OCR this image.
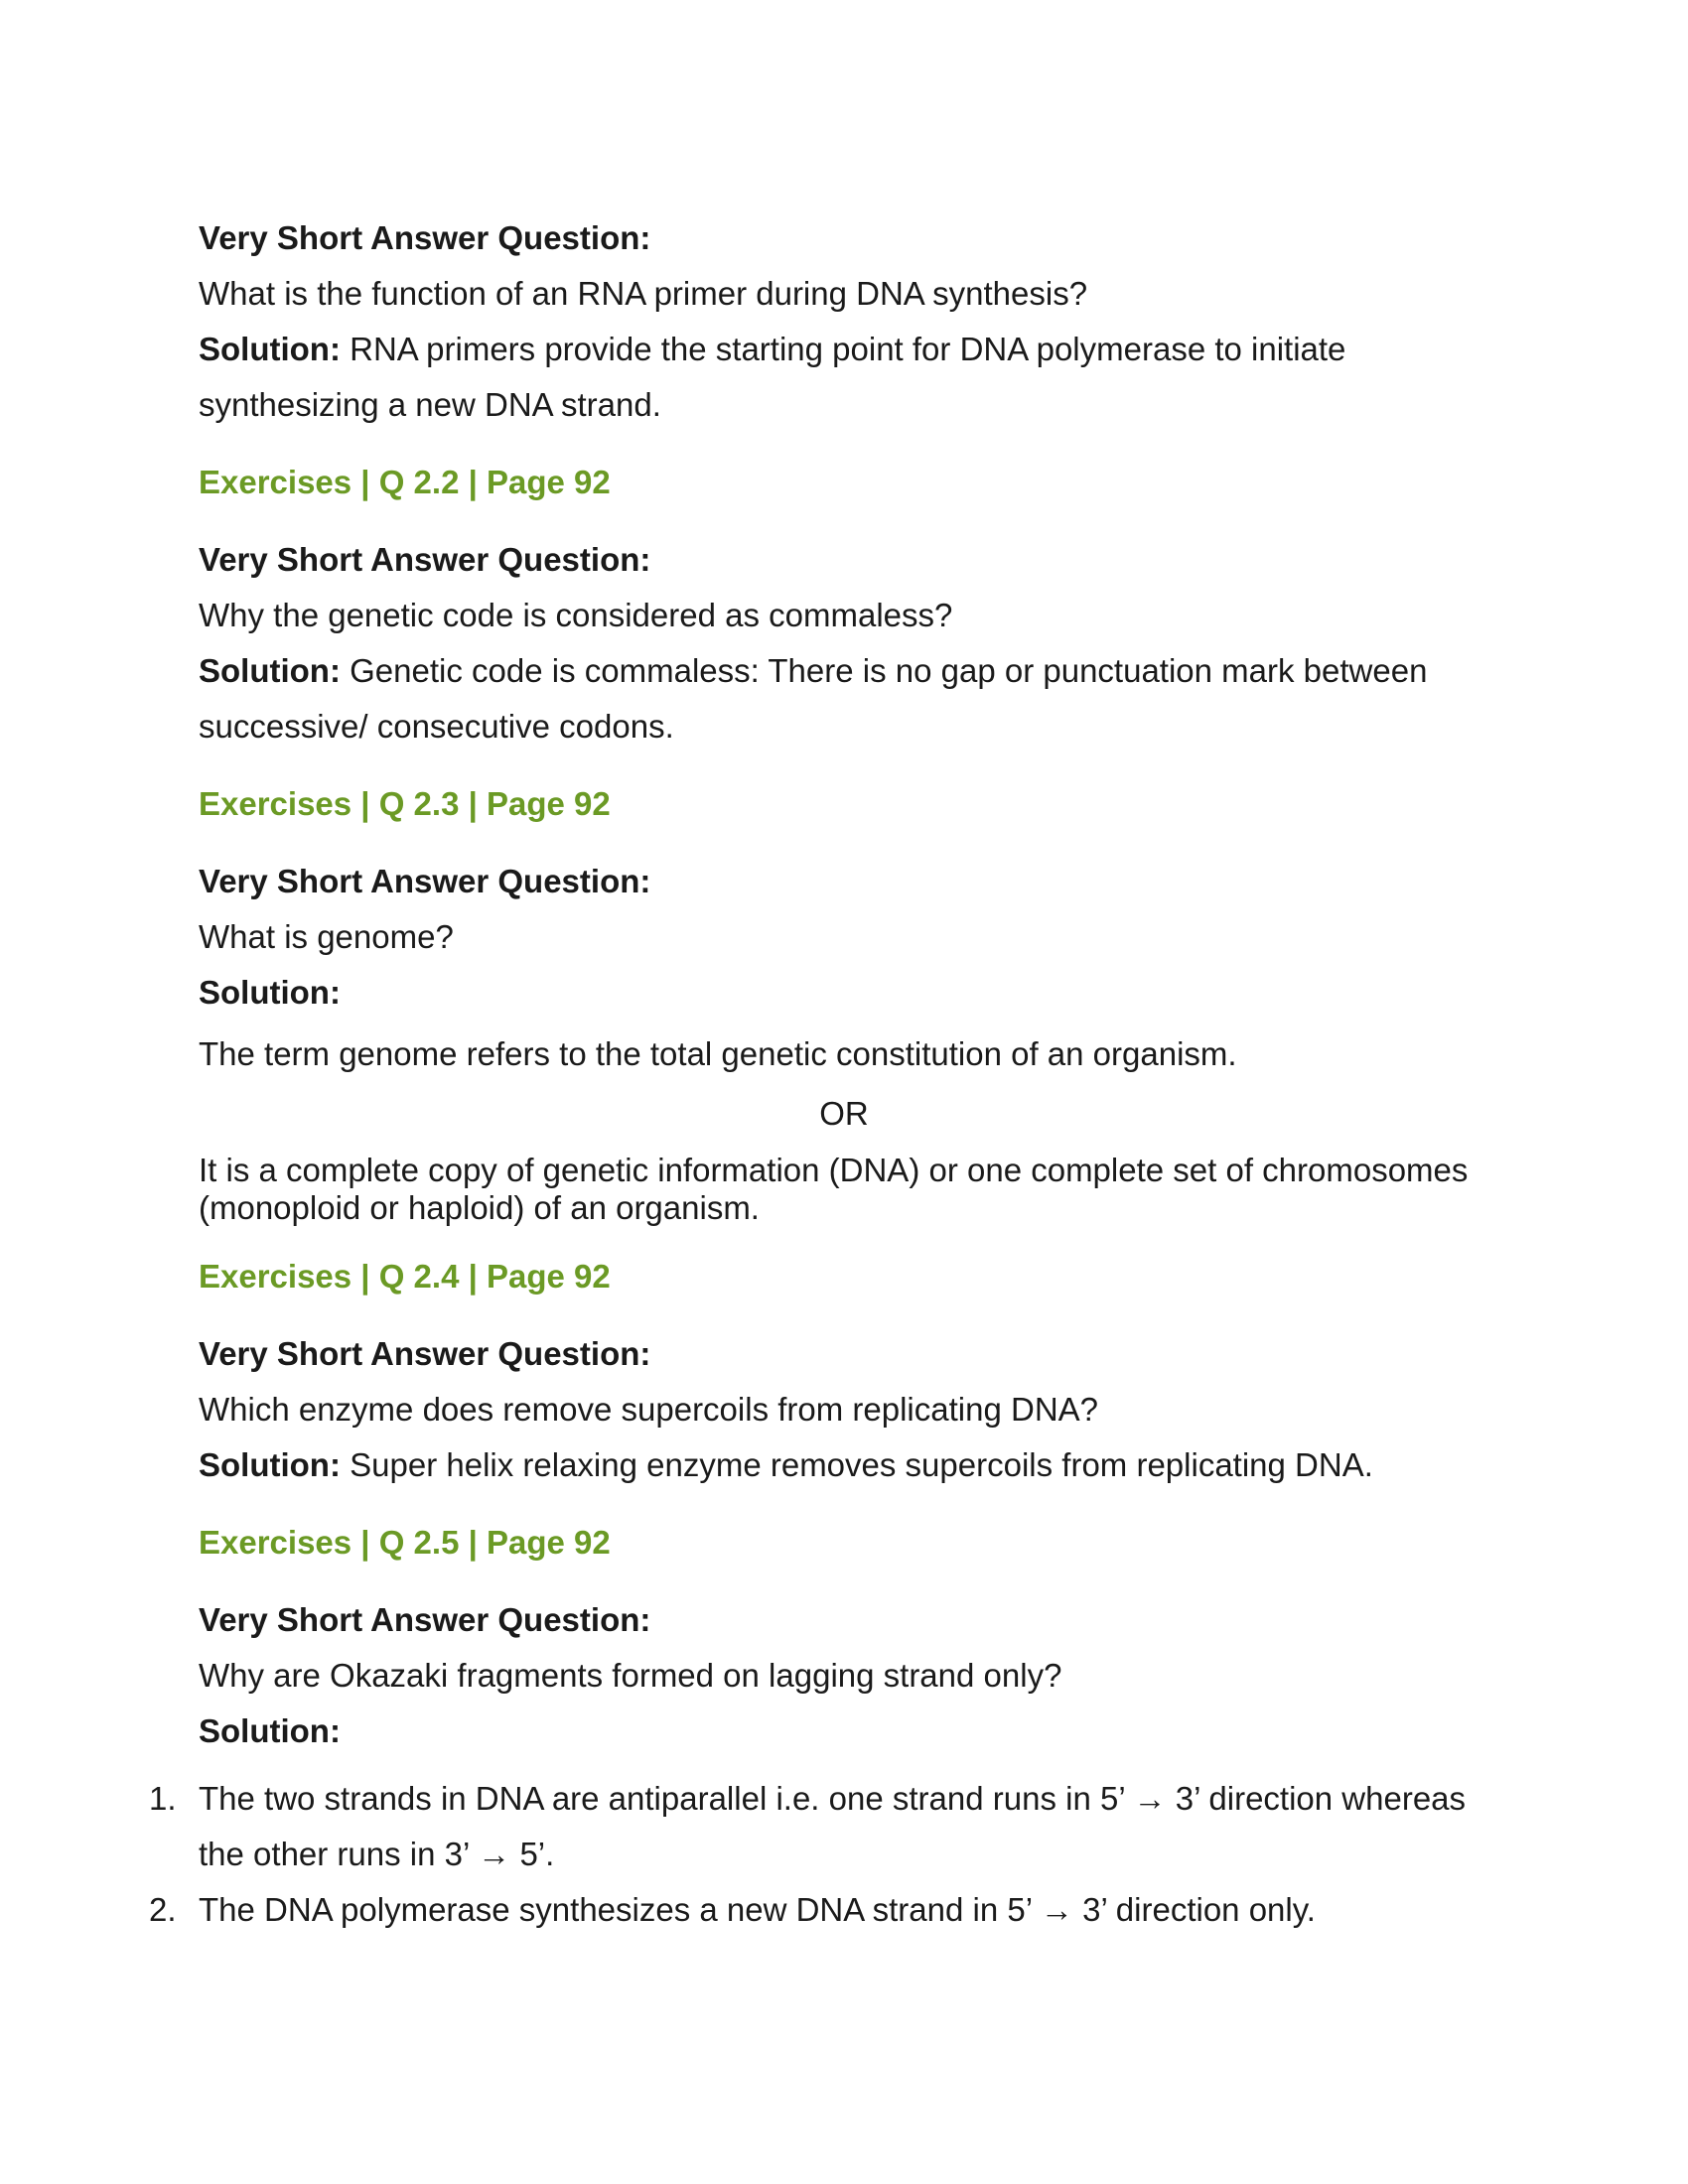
Very Short Answer Question:

What is the function of an RNA primer during DNA synthesis?

Solution: RNA primers provide the starting point for DNA polymerase to initiate synthesizing a new DNA strand.

Exercises | Q 2.2 | Page 92

Very Short Answer Question:

Why the genetic code is considered as commaless?

Solution: Genetic code is commaless: There is no gap or punctuation mark between successive/ consecutive codons.

Exercises | Q 2.3 | Page 92

Very Short Answer Question:

What is genome?

Solution:

The term genome refers to the total genetic constitution of an organism.

OR

It is a complete copy of genetic information (DNA) or one complete set of chromosomes (monoploid or haploid) of an organism.

Exercises | Q 2.4 | Page 92

Very Short Answer Question:

Which enzyme does remove supercoils from replicating DNA?

Solution: Super helix relaxing enzyme removes supercoils from replicating DNA.

Exercises | Q 2.5 | Page 92

Very Short Answer Question:

Why are Okazaki fragments formed on lagging strand only?

Solution:

1. The two strands in DNA are antiparallel i.e. one strand runs in 5’ → 3’ direction whereas the other runs in 3’ → 5’.
2. The DNA polymerase synthesizes a new DNA strand in 5’ → 3’ direction only.
